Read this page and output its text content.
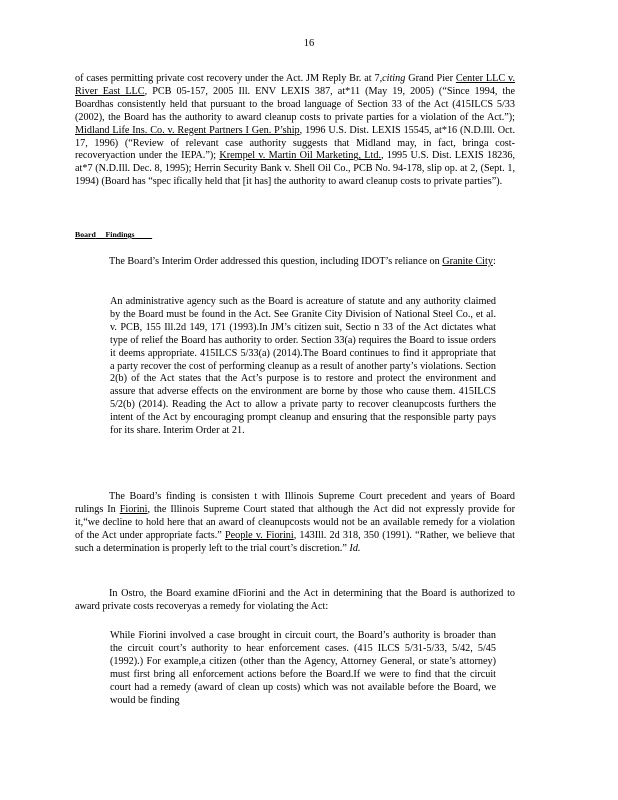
16
of cases permitting private cost recovery under the Act. JM Reply Br. at 7,citing Grand Pier Center LLC v. River East LLC, PCB 05-157, 2005 Ill. ENV LEXIS 387, at*11 (May 19, 2005) (“Since 1994, the Boardhas consistently held that pursuant to the broad language of Section 33 of the Act (415ILCS 5/33 (2002), the Board has the authority to award cleanup costs to private parties for a violation of the Act.”); Midland Life Ins. Co. v. Regent Partners I Gen. P’ship, 1996 U.S. Dist. LEXIS 15545, at*16 (N.D.Ill. Oct. 17, 1996) (“Review of relevant case authority suggests that Midland may, in fact, bringa cost-recoveryaction under the IEPA.”); Krempel v. Martin Oil Marketing, Ltd., 1995 U.S. Dist. LEXIS 18236, at*7 (N.D.Ill. Dec. 8, 1995); Herrin Security Bank v. Shell Oil Co., PCB No. 94-178, slip op. at 2, (Sept. 1, 1994) (Board has “spec ifically held that [it has] the authority to award cleanup costs to private parties”).
Board Findings
The Board’s Interim Order addressed this question, including IDOT’s reliance on Granite City:
An administrative agency such as the Board is acreature of statute and any authority claimed by the Board must be found in the Act. See Granite City Division of National Steel Co., et al. v. PCB, 155 Ill.2d 149, 171 (1993).In JM’s citizen suit, Sectio n 33 of the Act dictates what type of relief the Board has authority to order. Section 33(a) requires the Board to issue orders it deems appropriate. 415ILCS 5/33(a) (2014).The Board continues to find it appropriate that a party recover the cost of performing cleanup as a result of another party’s violations. Section 2(b) of the Act states that the Act’s purpose is to restore and protect the environment and assure that adverse effects on the environment are borne by those who cause them. 415ILCS 5/2(b) (2014). Reading the Act to allow a private party to recover cleanupcosts furthers the intent of the Act by encouraging prompt cleanup and ensuring that the responsible party pays for its share. Interim Order at 21.
The Board’s finding is consisten t with Illinois Supreme Court precedent and years of Board rulings In Fiorini, the Illinois Supreme Court stated that although the Act did not expressly provide for it,“we decline to hold here that an award of cleanupcosts would not be an available remedy for a violation of the Act under appropriate facts.” People v. Fiorini, 143Ill. 2d 318, 350 (1991). “Rather, we believe that such a determination is properly left to the trial court’s discretion.” Id.
In Ostro, the Board examine dFiorini and the Act in determining that the Board is authorized to award private costs recoveryas a remedy for violating the Act:
While Fiorini involved a case brought in circuit court, the Board’s authority is broader than the circuit court’s authority to hear enforcement cases. (415 ILCS 5/31-5/33, 5/42, 5/45 (1992).) For example,a citizen (other than the Agency, Attorney General, or state’s attorney) must first bring all enforcement actions before the Board.If we were to find that the circuit court had a remedy (award of clean up costs) which was not available before the Board, we would be finding
